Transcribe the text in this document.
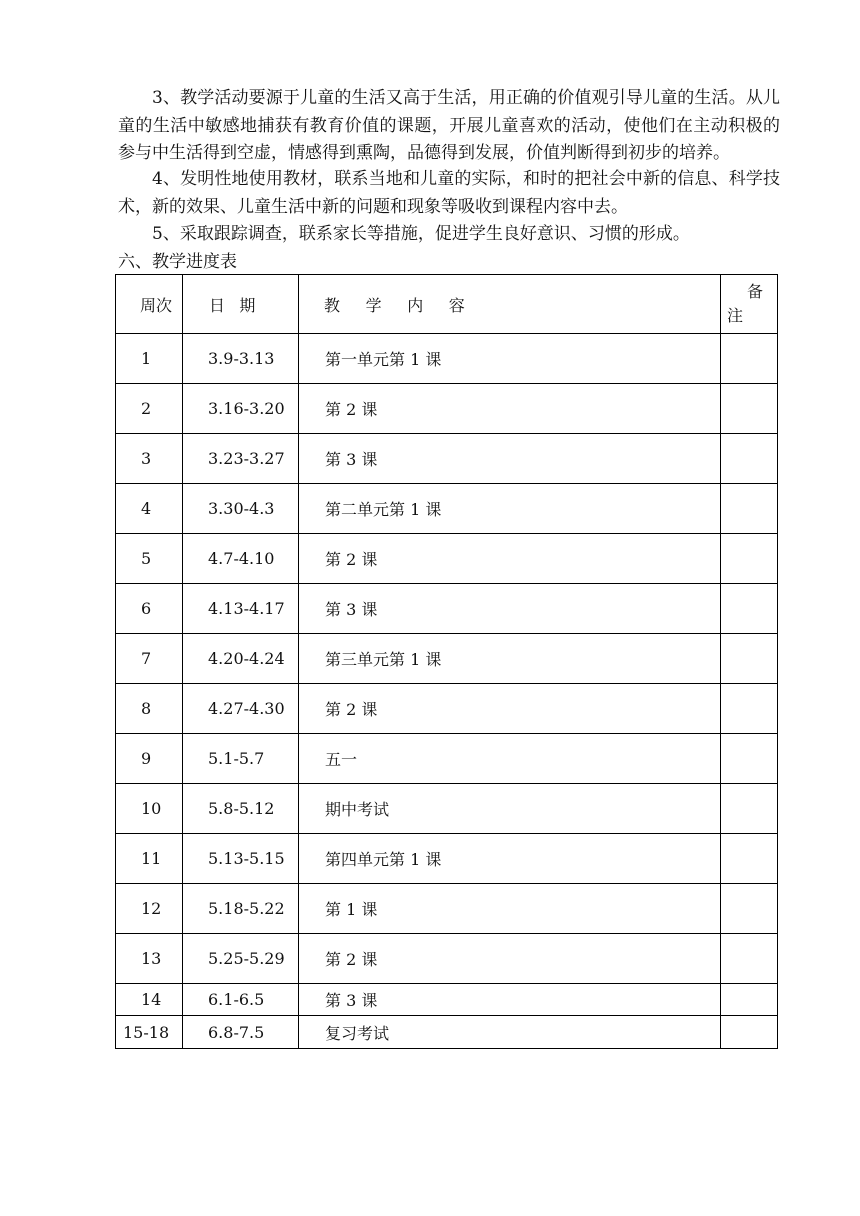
3、教学活动要源于儿童的生活又高于生活，用正确的价值观引导儿童的生活。从儿童的生活中敏感地捕获有教育价值的课题，开展儿童喜欢的活动，使他们在主动积极的参与中生活得到空虚，情感得到熏陶，品德得到发展，价值判断得到初步的培养。

4、发明性地使用教材，联系当地和儿童的实际，和时的把社会中新的信息、科学技术，新的效果、儿童生活中新的问题和现象等吸收到课程内容中去。

5、采取跟踪调查，联系家长等措施，促进学生良好意识、习惯的形成。

六、教学进度表

周次	日期	教学内容	备
注

1	3.9-3.13	第一单元第 1 课	
2	3.16-3.20	第 2 课	
3	3.23-3.27	第 3 课	
4	3.30-4.3	第二单元第 1 课	
5	4.7-4.10	第 2 课	
6	4.13-4.17	第 3 课	
7	4.20-4.24	第三单元第 1 课	
8	4.27-4.30	第 2 课	
9	5.1-5.7	五一	
10	5.8-5.12	期中考试	
11	5.13-5.15	第四单元第 1 课	
12	5.18-5.22	第 1 课	
13	5.25-5.29	第 2 课	
14	6.1-6.5	第 3 课	
15-18	6.8-7.5	复习考试	
